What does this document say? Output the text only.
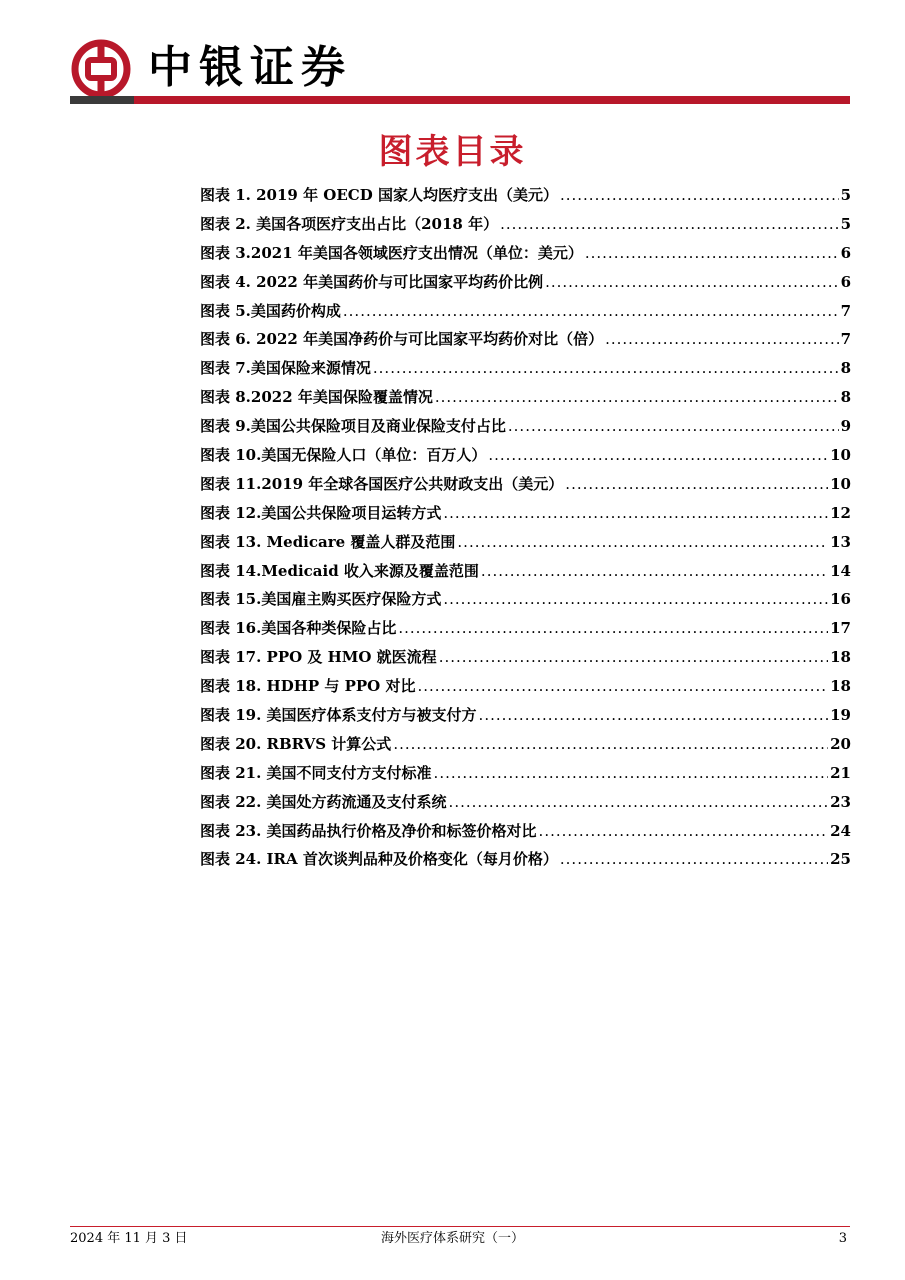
中银证券
图表目录
图表 1. 2019 年 OECD 国家人均医疗支出（美元） .....	5
图表 2. 美国各项医疗支出占比（2018 年） .....	5
图表 3.2021 年美国各领域医疗支出情况（单位：美元） .....	6
图表 4. 2022 年美国药价与可比国家平均药价比例 .....	6
图表 5.美国药价构成 .....	7
图表 6. 2022 年美国净药价与可比国家平均药价对比（倍） .....	7
图表 7.美国保险来源情况 .....	8
图表 8.2022 年美国保险覆盖情况 .....	8
图表 9.美国公共保险项目及商业保险支付占比 .....	9
图表 10.美国无保险人口（单位：百万人） .....	10
图表 11.2019 年全球各国医疗公共财政支出（美元） .....	10
图表 12.美国公共保险项目运转方式 .....	12
图表 13. Medicare 覆盖人群及范围 .....	13
图表 14.Medicaid 收入来源及覆盖范围 .....	14
图表 15.美国雇主购买医疗保险方式 .....	16
图表 16.美国各种类保险占比 .....	17
图表 17. PPO 及 HMO 就医流程 .....	18
图表 18. HDHP 与 PPO 对比 .....	18
图表 19. 美国医疗体系支付方与被支付方 .....	19
图表 20. RBRVS 计算公式 .....	20
图表 21. 美国不同支付方支付标准 .....	21
图表 22. 美国处方药流通及支付系统 .....	23
图表 23. 美国药品执行价格及净价和标签价格对比 .....	24
图表 24. IRA 首次谈判品种及价格变化（每月价格） .....	25
2024 年 11 月 3 日	海外医疗体系研究（一）	3
